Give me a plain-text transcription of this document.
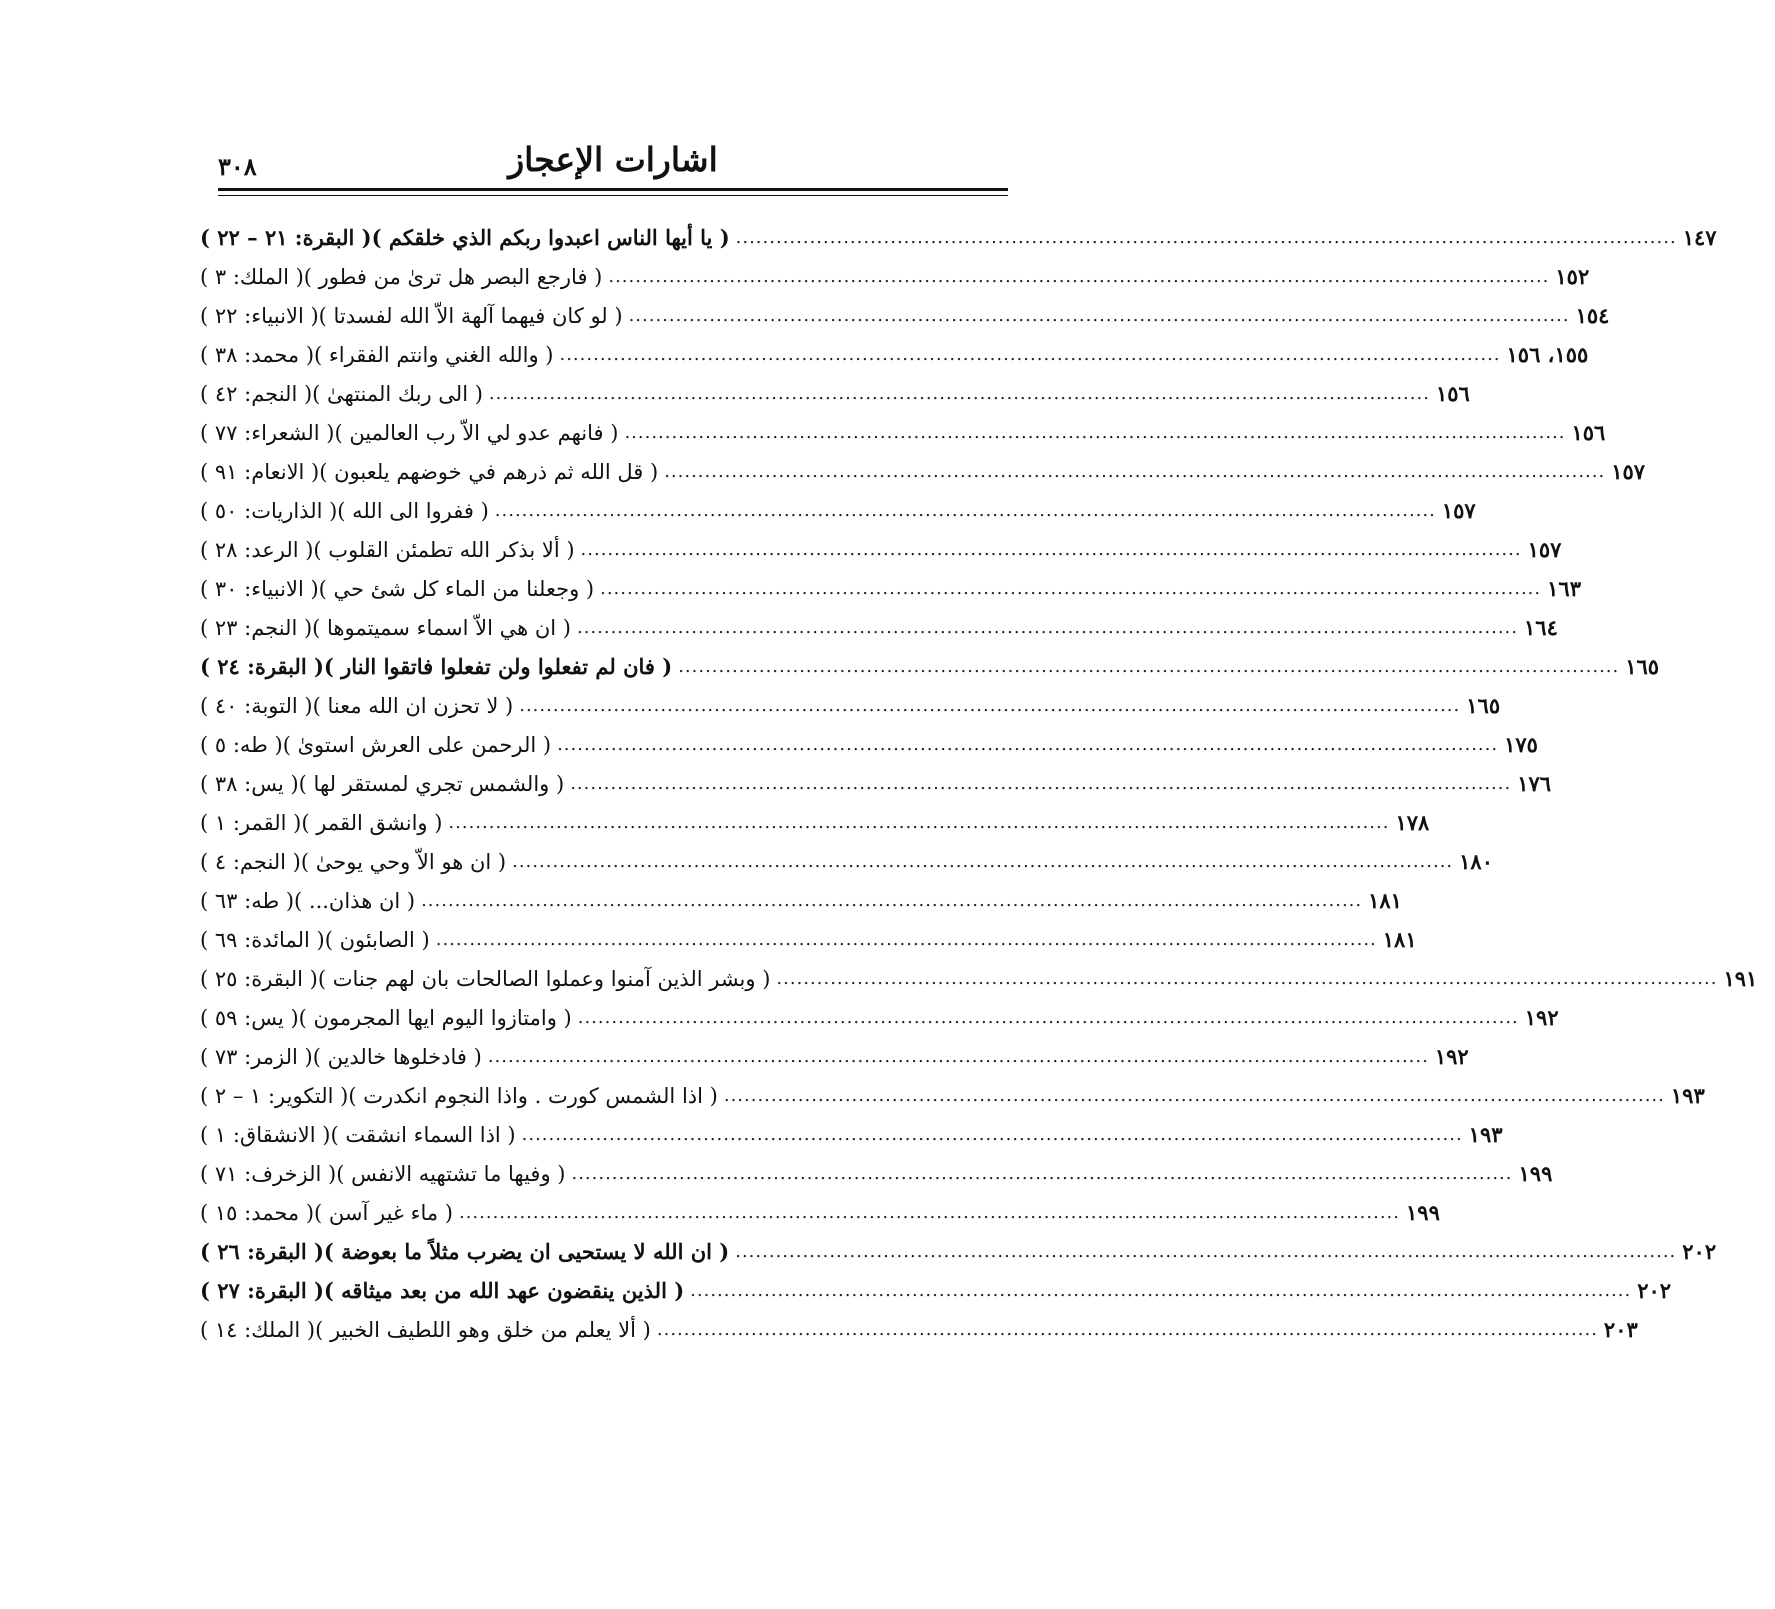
اشارات الإعجاز
٣٠٨
( يا أيها الناس اعبدوا ربكم الذي خلقكم )( البقرة: ٢١ – ٢٢ ) ............................................................................................................................................ ١٤٧
( فارجع البصر هل ترىٰ من فطور )( الملك: ٣ ) ............................................................................................................................................ ١٥٢
( لو كان فيهما آلهة الاّ الله لفسدتا )( الانبياء: ٢٢ ) ............................................................................................................................................ ١٥٤
( والله الغني وانتم الفقراء )( محمد: ٣٨ ) ............................................................................................................................................ ١٥٥، ١٥٦
( الى ربك المنتهىٰ )( النجم: ٤٢ ) ............................................................................................................................................ ١٥٦
( فانهم عدو لي الاّ رب العالمين )( الشعراء: ٧٧ ) ............................................................................................................................................ ١٥٦
( قل الله ثم ذرهم في خوضهم يلعبون )( الانعام: ٩١ ) ............................................................................................................................................ ١٥٧
( ففروا الى الله )( الذاريات: ٥٠ ) ............................................................................................................................................ ١٥٧
( ألا بذكر الله تطمئن القلوب )( الرعد: ٢٨ ) ............................................................................................................................................ ١٥٧
( وجعلنا من الماء كل شئ حي )( الانبياء: ٣٠ ) ............................................................................................................................................ ١٦٣
( ان هي الاّ اسماء سميتموها )( النجم: ٢٣ ) ............................................................................................................................................ ١٦٤
( فان لم تفعلوا ولن تفعلوا فاتقوا النار )( البقرة: ٢٤ ) ............................................................................................................................................ ١٦٥
( لا تحزن ان الله معنا )( التوبة: ٤٠ ) ............................................................................................................................................ ١٦٥
( الرحمن على العرش استوىٰ )( طه: ٥ ) ............................................................................................................................................ ١٧٥
( والشمس تجري لمستقر لها )( يس: ٣٨ ) ............................................................................................................................................ ١٧٦
( وانشق القمر )( القمر: ١ ) ............................................................................................................................................ ١٧٨
( ان هو الاّ وحي يوحىٰ )( النجم: ٤ ) ............................................................................................................................................ ١٨٠
( ان هذان... )( طه: ٦٣ ) ............................................................................................................................................ ١٨١
( الصابئون )( المائدة: ٦٩ ) ............................................................................................................................................ ١٨١
( وبشر الذين آمنوا وعملوا الصالحات بان لهم جنات )( البقرة: ٢٥ ) ............................................................................................................................................ ١٩١
( وامتازوا اليوم ايها المجرمون )( يس: ٥٩ ) ............................................................................................................................................ ١٩٢
( فادخلوها خالدين )( الزمر: ٧٣ ) ............................................................................................................................................ ١٩٢
( اذا الشمس كورت . واذا النجوم انكدرت )( التكوير: ١ – ٢ ) ............................................................................................................................................ ١٩٣
( اذا السماء انشقت )( الانشقاق: ١ ) ............................................................................................................................................ ١٩٣
( وفيها ما تشتهيه الانفس )( الزخرف: ٧١ ) ............................................................................................................................................ ١٩٩
( ماء غير آسن )( محمد: ١٥ ) ............................................................................................................................................ ١٩٩
( ان الله لا يستحيى ان يضرب مثلاً ما بعوضة )( البقرة: ٢٦ ) ............................................................................................................................................ ٢٠٢
( الذين ينقضون عهد الله من بعد ميثاقه )( البقرة: ٢٧ ) ............................................................................................................................................ ٢٠٢
( ألا يعلم من خلق وهو اللطيف الخبير )( الملك: ١٤ ) ............................................................................................................................................ ٢٠٣
